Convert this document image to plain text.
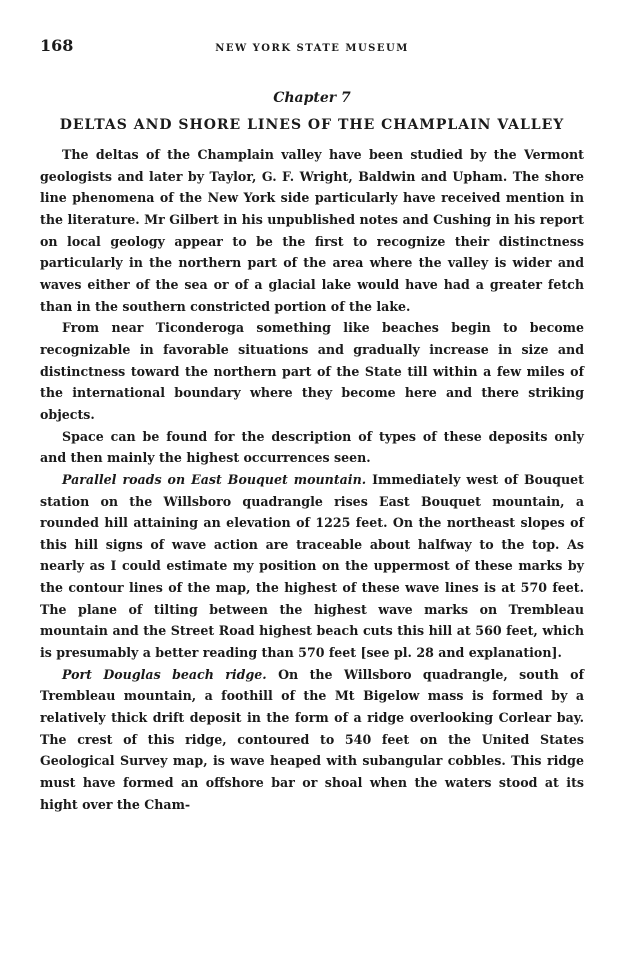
168	NEW YORK STATE MUSEUM
Chapter 7
DELTAS AND SHORE LINES OF THE CHAMPLAIN VALLEY

The deltas of the Champlain valley have been studied by the Vermont geologists and later by Taylor, G. F. Wright, Baldwin and Upham. The shore line phenomena of the New York side particularly have received mention in the literature. Mr Gilbert in his unpublished notes and Cushing in his report on local geology appear to be the first to recognize their distinctness particularly in the northern part of the area where the valley is wider and waves either of the sea or of a glacial lake would have had a greater fetch than in the southern constricted portion of the lake.

From near Ticonderoga something like beaches begin to become recognizable in favorable situations and gradually increase in size and distinctness toward the northern part of the State till within a few miles of the international boundary where they become here and there striking objects.

Space can be found for the description of types of these deposits only and then mainly the highest occurrences seen.

Parallel roads on East Bouquet mountain. Immediately west of Bouquet station on the Willsboro quadrangle rises East Bouquet mountain, a rounded hill attaining an elevation of 1225 feet. On the northeast slopes of this hill signs of wave action are traceable about halfway to the top. As nearly as I could estimate my position on the uppermost of these marks by the contour lines of the map, the highest of these wave lines is at 570 feet. The plane of tilting between the highest wave marks on Trembleau mountain and the Street Road highest beach cuts this hill at 560 feet, which is presumably a better reading than 570 feet [see pl. 28 and explanation].

Port Douglas beach ridge. On the Willsboro quadrangle, south of Trembleau mountain, a foothill of the Mt Bigelow mass is formed by a relatively thick drift deposit in the form of a ridge overlooking Corlear bay. The crest of this ridge, contoured to 540 feet on the United States Geological Survey map, is wave heaped with subangular cobbles. This ridge must have formed an offshore bar or shoal when the waters stood at its hight over the Cham-
